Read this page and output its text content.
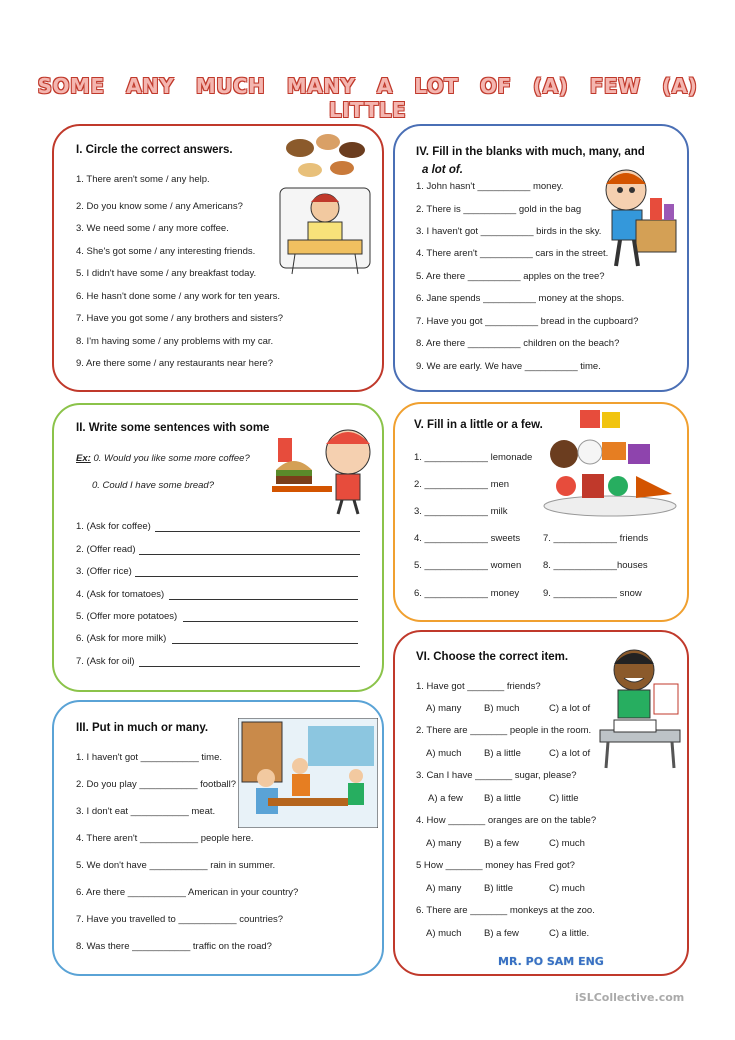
SOME ANY MUCH MANY A LOT OF (A) FEW (A) LITTLE
I. Circle the correct answers.
1. There aren't some / any help.
2. Do you know some / any Americans?
3. We need some / any more coffee.
4. She's got some / any interesting friends.
5. I didn't have some / any breakfast today.
6. He hasn't done some / any work for ten years.
7. Have you got some / any brothers and sisters?
8. I'm having some / any problems with my car.
9. Are there some / any restaurants near here?
II. Write some sentences with some
Ex: 0. Would you like some more coffee?
0. Could I have some bread?
1. (Ask for coffee)
2. (Offer read)
3. (Offer rice)
4. (Ask for tomatoes)
5. (Offer more potatoes)
6. (Ask for more milk)
7. (Ask for oil)
III. Put in much or many.
1. I haven't got ___________ time.
2. Do you play ___________ football?
3. I don't eat ___________ meat.
4. There aren't ___________ people here.
5. We don't have ___________ rain in summer.
6. Are there ___________ American in your country?
7. Have you travelled to ___________ countries?
8. Was there ___________ traffic on the road?
IV. Fill in the blanks with much, many, and
a lot of.
1. John hasn't __________ money.
2. There is __________ gold in the bag
3. I haven't got __________ birds in the sky.
4. There aren't __________ cars in the street.
5. Are there __________ apples on the tree?
6. Jane spends __________ money at the shops.
7. Have you got __________ bread in the cupboard?
8. Are there __________ children on the beach?
9. We are early. We have __________ time.
V. Fill in a little or a few.
1. ____________ lemonade
2. ____________ men
3. ____________ milk
4. ____________ sweets
5. ____________ women
6. ____________ money
7. ____________ friends
8. ____________houses
9. ____________ snow
VI. Choose the correct item.
1. Have got _______ friends?
A) many B) much	C) a lot of
2. There are _______ people in the room.
A) much B) a little	C) a lot of
3. Can I have _______ sugar, please?
A) a few B) a little	C) little
4. How _______ oranges are on the table?
A) many B) a few	C) much
5 How _______ money has Fred got?
A) many B) little	C) much
6. There are _______ monkeys at the zoo.
A) much B) a few	C) a little.
MR. PO SAM ENG
iSLCollective.com
